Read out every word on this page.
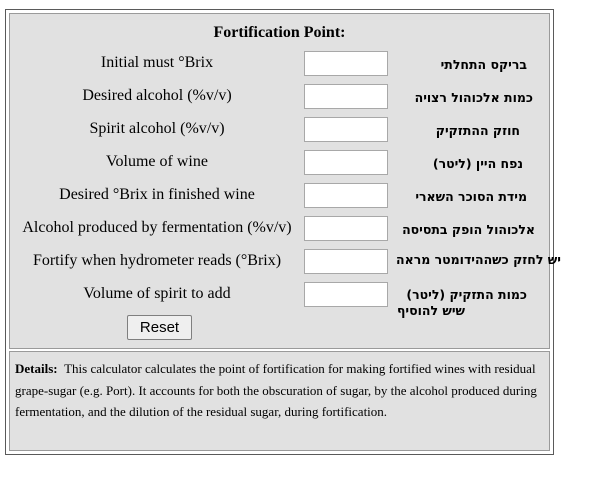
Fortification Point:
Initial must °Brix	בריקס התחלתי
Desired alcohol (%v/v)	כמות אלכוהול רצויה
Spirit alcohol (%v/v)	חוזק ההתזקיק
Volume of wine	נפח היין (ליטר)
Desired °Brix in finished wine	מידת הסוכר השארי
Alcohol produced by fermentation (%v/v)	אלכוהול הופק בתסיסה
Fortify when hydrometer reads (°Brix)	יש לחזק כשההידומטר מראה
Volume of spirit to add	כמות התזקיק (ליטר)
שיש להוסיף
Reset
Details: This calculator calculates the point of fortification for making fortified wines with residual grape-sugar (e.g. Port). It accounts for both the obscuration of sugar, by the alcohol produced during fermentation, and the dilution of the residual sugar, during fortification.
